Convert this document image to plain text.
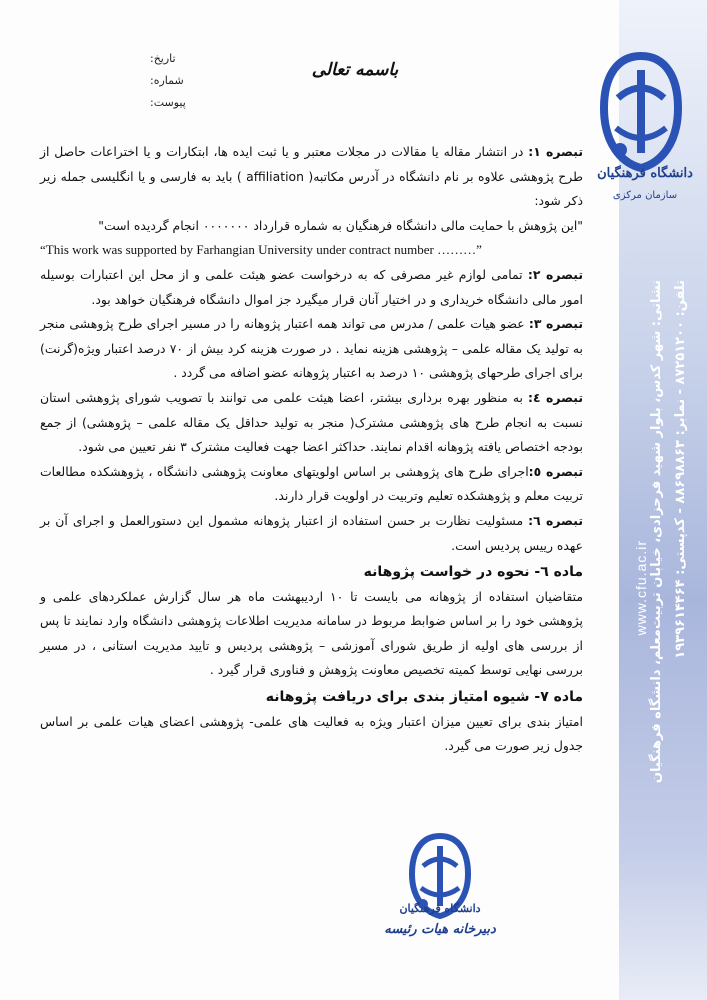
نشانی: شهر کدس، بلوار شهید فرحزادی، خیابان تربیت‌معلم، دانشگاه فرهنگیان تلفن: ۸۷۲۵۱۲۰۰ - نمابر: ۸۸۶۹۸۸۶۳ - کدپستی: ۱۹۳۹۶۱۴۴۶۴
www.cfu.ac.ir
دانشگاه فرهنگیان
سازمان مرکزی
تاریخ:
شماره:
پیوست:
باسمه تعالی

تبصره ۱: در انتشار مقاله یا مقالات در مجلات معتبر و یا ثبت ایده ها، ابتکارات و یا اختراعات حاصل از طرح پژوهشی علاوه بر نام دانشگاه در آدرس مکاتبه( affiliation ) باید به فارسی و یا انگلیسی جمله زیر ذکر شود:

"این پژوهش با حمایت مالی دانشگاه فرهنگیان به شماره قرارداد ۰۰۰۰۰۰۰ انجام گردیده است"

“This work was supported by Farhangian University under contract number ………”

تبصره ۲: تمامی لوازم غیر مصرفی که به درخواست عضو هیئت علمی و از محل این اعتبارات بوسیله امور مالی دانشگاه خریداری و در اختیار آنان قرار میگیرد جز اموال دانشگاه فرهنگیان خواهد بود.

تبصره ۳: عضو هیات علمی / مدرس می تواند همه اعتبار پژوهانه را در مسیر اجرای طرح پژوهشی منجر به تولید یک مقاله علمی – پژوهشی هزینه نماید . در صورت هزینه کرد بیش از ۷۰ درصد اعتبار ویژه(گرنت) برای اجرای طرحهای پژوهشی ۱۰ درصد به اعتبار پژوهانه عضو اضافه می گردد .

تبصره ٤: به منظور بهره برداری بیشتر، اعضا هیئت علمی می توانند با تصویب شورای پژوهشی استان نسبت به انجام طرح های پژوهشی مشترک( منجر به تولید حداقل یک مقاله علمی – پژوهشی) از جمع بودجه اختصاص یافته پژوهانه اقدام نمایند. حداکثر اعضا جهت فعالیت مشترک ۳ نفر تعیین می شود.

تبصره ٥:اجرای طرح های پژوهشی بر اساس اولویتهای معاونت پژوهشی دانشگاه ، پژوهشکده مطالعات تربیت معلم و پژوهشکده تعلیم وتربیت در اولویت قرار دارند.

تبصره ٦: مسئولیت نظارت بر حسن استفاده از اعتبار پژوهانه مشمول این دستورالعمل و اجرای آن بر عهده رییس پردیس است.

ماده ٦- نحوه در خواست پژوهانه

متقاضیان استفاده از پژوهانه می بایست تا ۱۰ اردیبهشت ماه هر سال گزارش عملکردهای علمی و پژوهشی خود را بر اساس ضوابط مربوط در سامانه مدیریت اطلاعات پژوهشی دانشگاه وارد نمایند تا پس از بررسی های اولیه از طریق شورای آموزشی – پژوهشی پردیس و تایید مدیریت استانی ، در مسیر بررسی نهایی توسط کمیته تخصیص معاونت پژوهش و فناوری قرار گیرد .

ماده ۷- شیوه امتیاز بندی برای دریافت پژوهانه

امتیاز بندی برای تعیین میزان اعتبار ویژه به فعالیت های علمی- پژوهشی اعضای هیات علمی بر اساس جدول زیر صورت می گیرد.

دانشگاه فرهنگیان
دبیرخانه هیات رئیسه
